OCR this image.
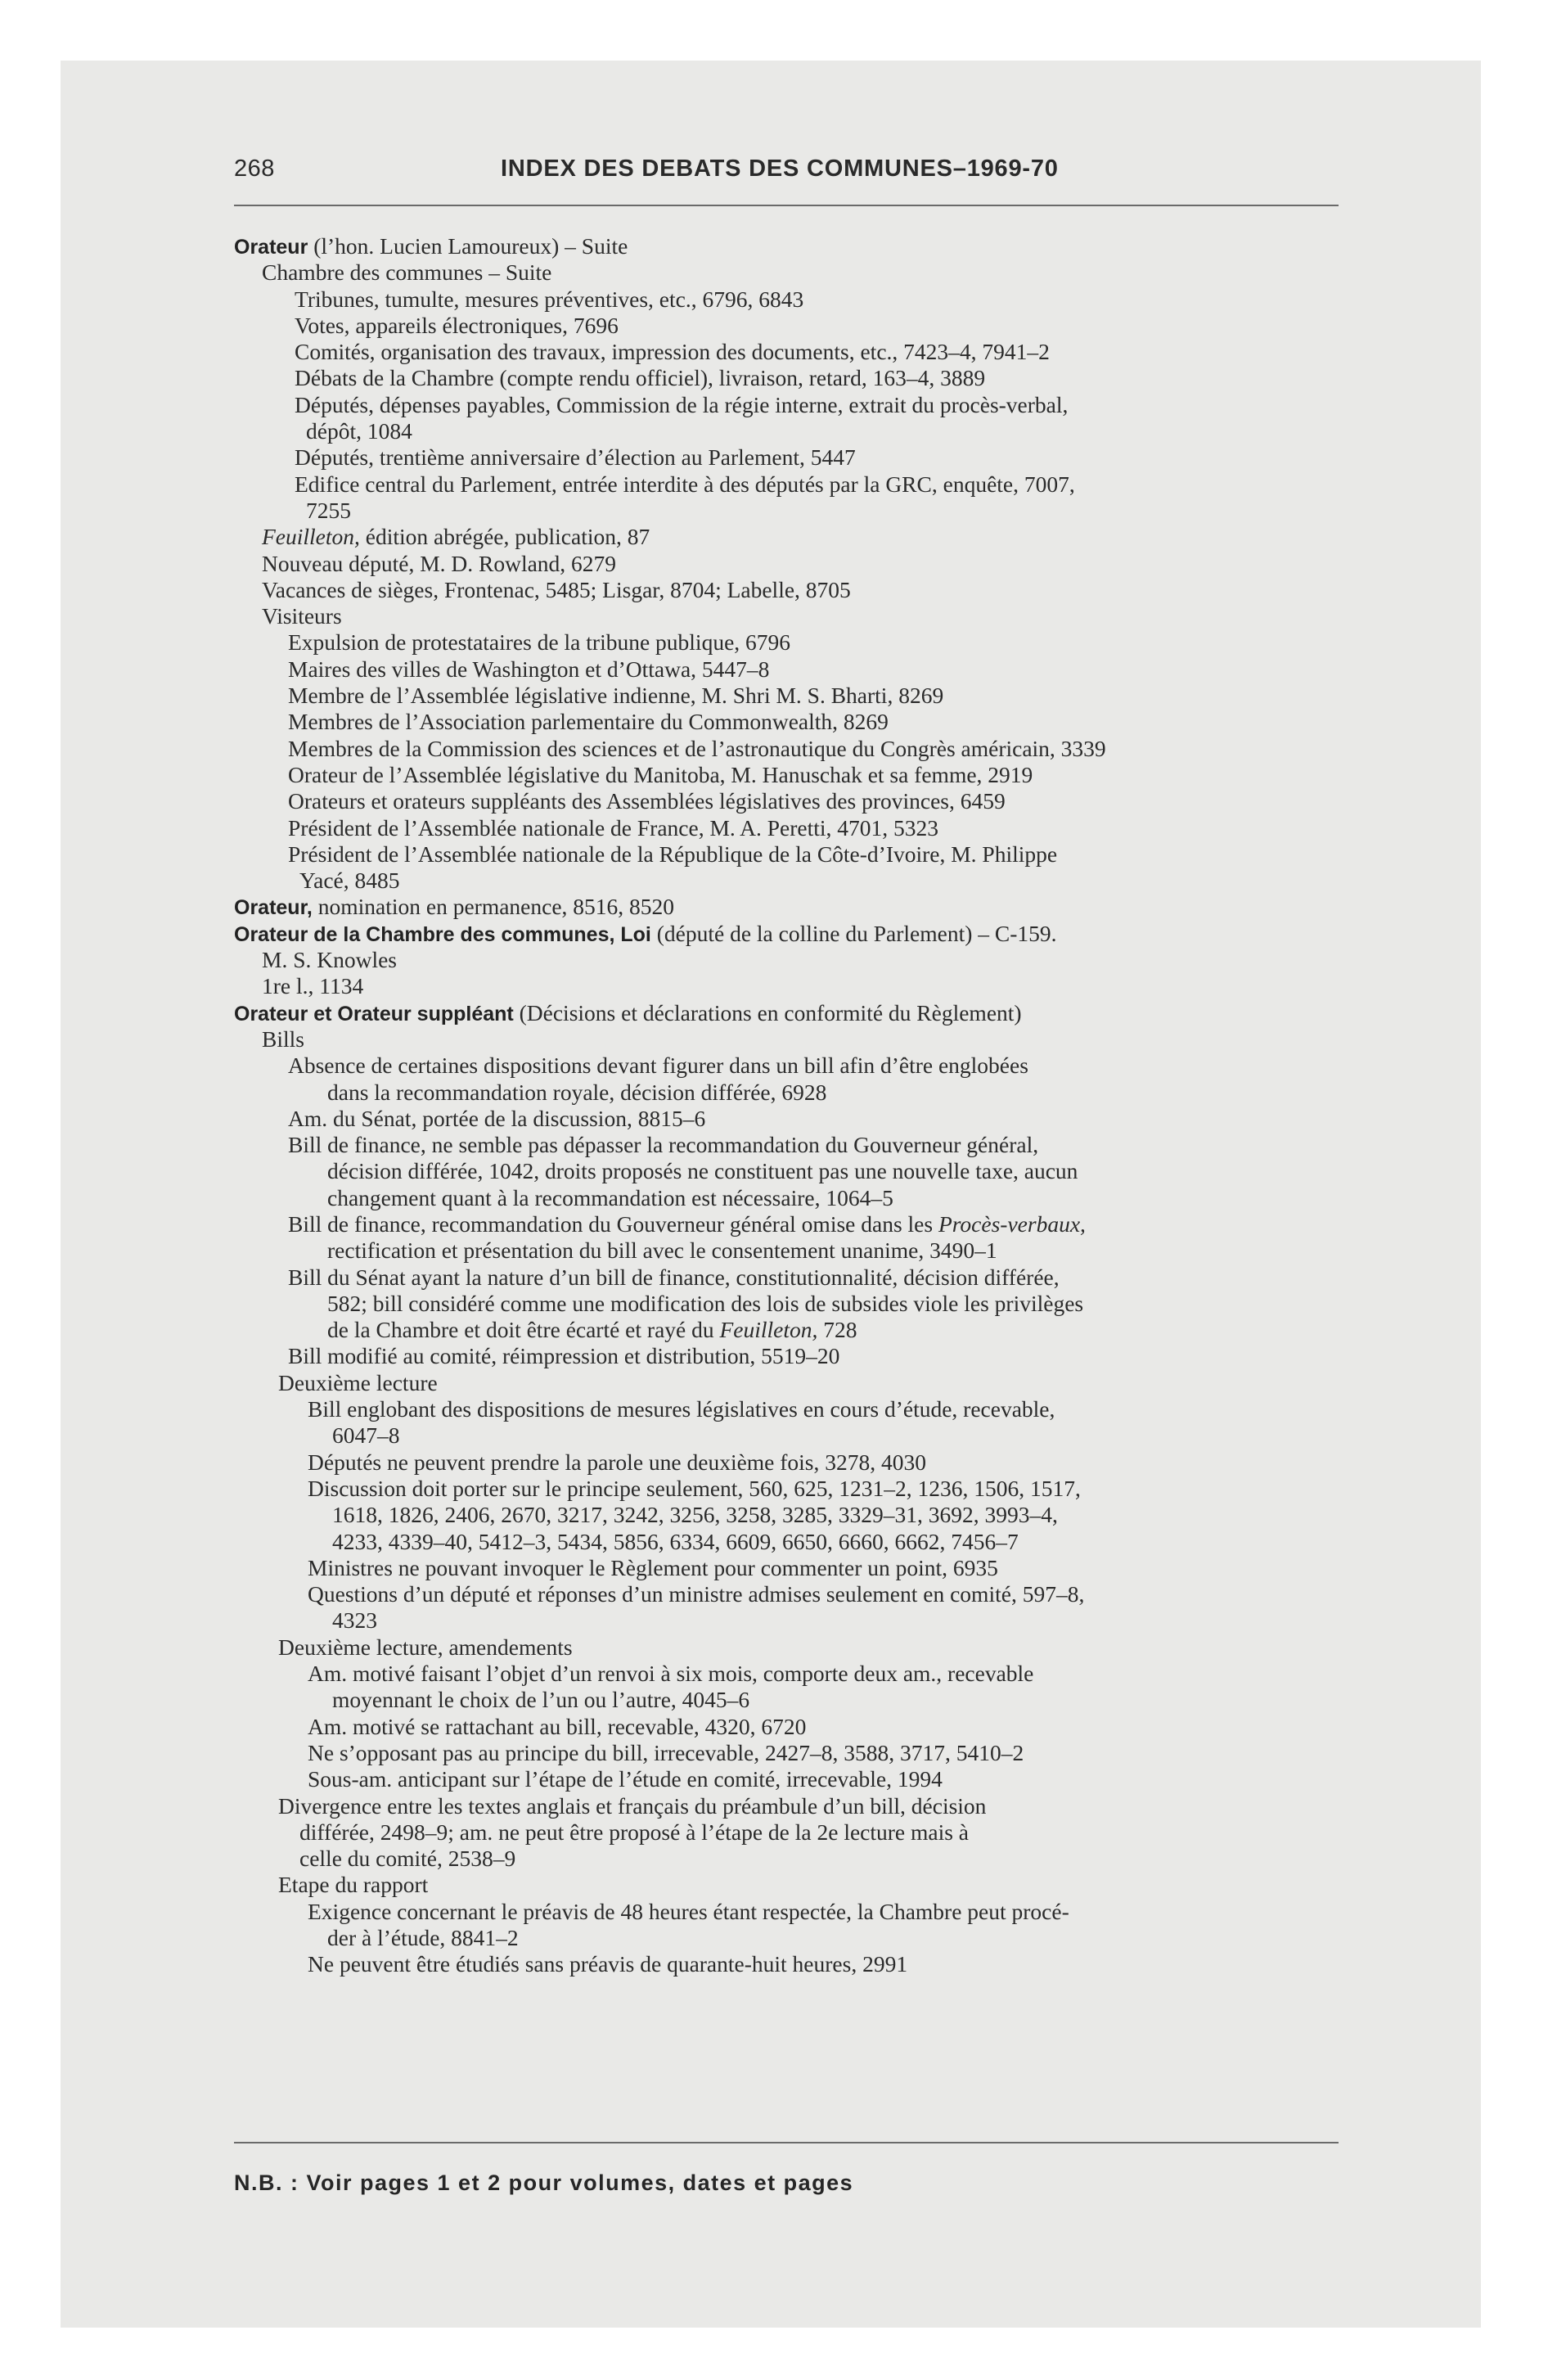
268	INDEX DES DEBATS DES COMMUNES–1969-70
Orateur (l’hon. Lucien Lamoureux) – Suite
Chambre des communes – Suite
Tribunes, tumulte, mesures préventives, etc., 6796, 6843
Votes, appareils électroniques, 7696
Comités, organisation des travaux, impression des documents, etc., 7423–4, 7941–2
Débats de la Chambre (compte rendu officiel), livraison, retard, 163–4, 3889
Députés, dépenses payables, Commission de la régie interne, extrait du procès-verbal,
dépôt, 1084
Députés, trentième anniversaire d’élection au Parlement, 5447
Edifice central du Parlement, entrée interdite à des députés par la GRC, enquête, 7007,
7255
Feuilleton, édition abrégée, publication, 87
Nouveau député, M. D. Rowland, 6279
Vacances de sièges, Frontenac, 5485; Lisgar, 8704; Labelle, 8705
Visiteurs
Expulsion de protestataires de la tribune publique, 6796
Maires des villes de Washington et d’Ottawa, 5447–8
Membre de l’Assemblée législative indienne, M. Shri M. S. Bharti, 8269
Membres de l’Association parlementaire du Commonwealth, 8269
Membres de la Commission des sciences et de l’astronautique du Congrès américain, 3339
Orateur de l’Assemblée législative du Manitoba, M. Hanuschak et sa femme, 2919
Orateurs et orateurs suppléants des Assemblées législatives des provinces, 6459
Président de l’Assemblée nationale de France, M. A. Peretti, 4701, 5323
Président de l’Assemblée nationale de la République de la Côte-d’Ivoire, M. Philippe
Yacé, 8485
Orateur, nomination en permanence, 8516, 8520
Orateur de la Chambre des communes, Loi (député de la colline du Parlement) – C-159.
M. S. Knowles
1re l., 1134
Orateur et Orateur suppléant (Décisions et déclarations en conformité du Règlement)
Bills
Absence de certaines dispositions devant figurer dans un bill afin d’être englobées
dans la recommandation royale, décision différée, 6928
Am. du Sénat, portée de la discussion, 8815–6
Bill de finance, ne semble pas dépasser la recommandation du Gouverneur général,
décision différée, 1042, droits proposés ne constituent pas une nouvelle taxe, aucun
changement quant à la recommandation est nécessaire, 1064–5
Bill de finance, recommandation du Gouverneur général omise dans les Procès-verbaux,
rectification et présentation du bill avec le consentement unanime, 3490–1
Bill du Sénat ayant la nature d’un bill de finance, constitutionnalité, décision différée,
582; bill considéré comme une modification des lois de subsides viole les privilèges
de la Chambre et doit être écarté et rayé du Feuilleton, 728
Bill modifié au comité, réimpression et distribution, 5519–20
Deuxième lecture
Bill englobant des dispositions de mesures législatives en cours d’étude, recevable,
6047–8
Députés ne peuvent prendre la parole une deuxième fois, 3278, 4030
Discussion doit porter sur le principe seulement, 560, 625, 1231–2, 1236, 1506, 1517,
1618, 1826, 2406, 2670, 3217, 3242, 3256, 3258, 3285, 3329–31, 3692, 3993–4,
4233, 4339–40, 5412–3, 5434, 5856, 6334, 6609, 6650, 6660, 6662, 7456–7
Ministres ne pouvant invoquer le Règlement pour commenter un point, 6935
Questions d’un député et réponses d’un ministre admises seulement en comité, 597–8,
4323
Deuxième lecture, amendements
Am. motivé faisant l’objet d’un renvoi à six mois, comporte deux am., recevable
moyennant le choix de l’un ou l’autre, 4045–6
Am. motivé se rattachant au bill, recevable, 4320, 6720
Ne s’opposant pas au principe du bill, irrecevable, 2427–8, 3588, 3717, 5410–2
Sous-am. anticipant sur l’étape de l’étude en comité, irrecevable, 1994
Divergence entre les textes anglais et français du préambule d’un bill, décision
différée, 2498–9; am. ne peut être proposé à l’étape de la 2e lecture mais à
celle du comité, 2538–9
Etape du rapport
Exigence concernant le préavis de 48 heures étant respectée, la Chambre peut procé-
der à l’étude, 8841–2
Ne peuvent être étudiés sans préavis de quarante-huit heures, 2991
N.B. : Voir pages 1 et 2 pour volumes, dates et pages
